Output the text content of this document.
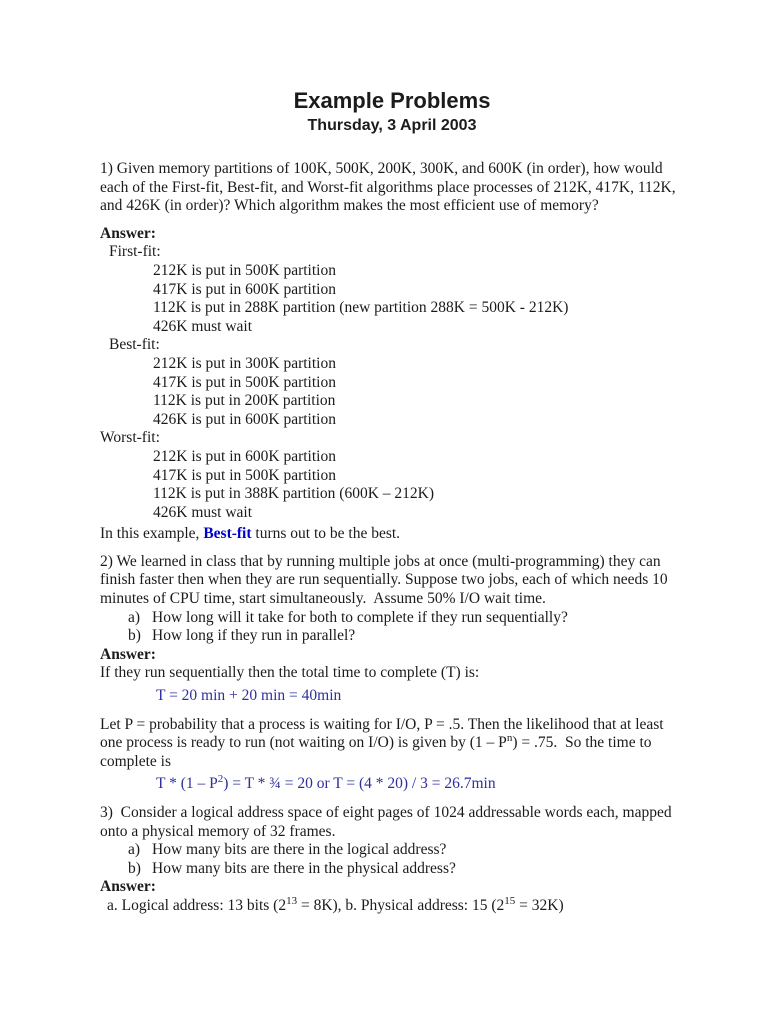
Example Problems
Thursday, 3 April 2003

1) Given memory partitions of 100K, 500K, 200K, 300K, and 600K (in order), how would each of the First-fit, Best-fit, and Worst-fit algorithms place processes of 212K, 417K, 112K, and 426K (in order)? Which algorithm makes the most efficient use of memory?

Answer:
First-fit:
212K is put in 500K partition
417K is put in 600K partition
112K is put in 288K partition (new partition 288K = 500K - 212K)
426K must wait
Best-fit:
212K is put in 300K partition
417K is put in 500K partition
112K is put in 200K partition
426K is put in 600K partition
Worst-fit:
212K is put in 600K partition
417K is put in 500K partition
112K is put in 388K partition (600K – 212K)
426K must wait

In this example, Best-fit turns out to be the best.

2) We learned in class that by running multiple jobs at once (multi-programming) they can finish faster then when they are run sequentially. Suppose two jobs, each of which needs 10 minutes of CPU time, start simultaneously.  Assume 50% I/O wait time.

a) How long will it take for both to complete if they run sequentially?
b) How long if they run in parallel?
Answer:

If they run sequentially then the total time to complete (T) is:

T = 20 min + 20 min = 40min

Let P = probability that a process is waiting for I/O, P = .5. Then the likelihood that at least one process is ready to run (not waiting on I/O) is given by $(1 - P^n) = .75$.  So the time to complete is

$T * (1 - P^2) = T$ * ¾ = 20 or T = (4 * 20) / 3 = 26.7min

3)  Consider a logical address space of eight pages of 1024 addressable words each, mapped onto a physical memory of 32 frames.

a) How many bits are there in the logical address?
b) How many bits are there in the physical address?
Answer:
a. Logical address: 13 bits $(2^{13} = 8K)$, b. Physical address: 15 $(2^{15} = 32K)$
